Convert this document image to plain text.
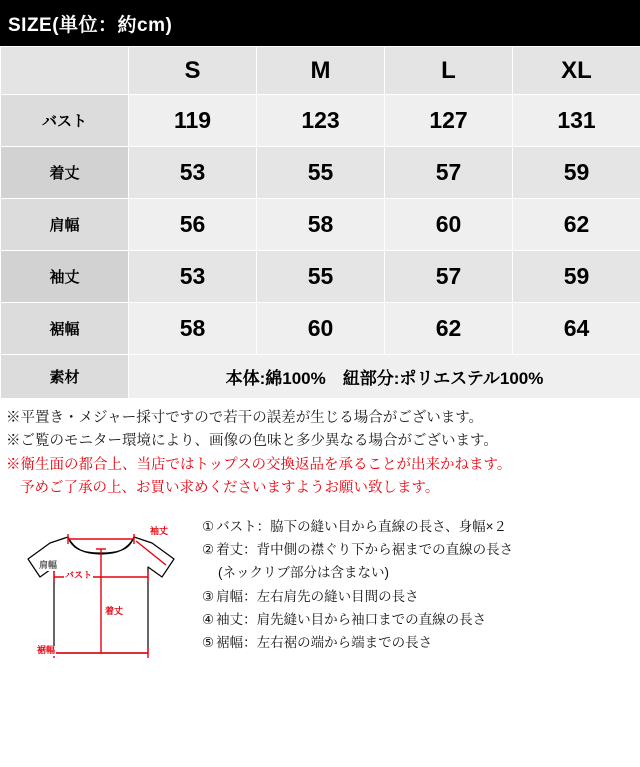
SIZE(単位：約cm)
	S	M	L	XL
バスト	119	123	127	131
着丈	53	55	57	59
肩幅	56	58	60	62
袖丈	53	55	57	59
裾幅	58	60	62	64
素材	本体:綿100%　紐部分:ポリエステル100%			
※平置き・メジャー採寸ですので若干の誤差が生じる場合がございます。
※ご覧のモニター環境により、画像の色味と多少異なる場合がございます。
※衛生面の都合上、当店ではトップスの交換返品を承ることが出来かねます。
予めご了承の上、お買い求めくださいますようお願い致します。
袖丈
肩幅
バスト
着丈
裾幅
① バスト：脇下の縫い目から直線の長さ、身幅×２
② 着丈：背中側の襟ぐり下から裾までの直線の長さ
(ネックリブ部分は含まない)
③ 肩幅：左右肩先の縫い目間の長さ
④ 袖丈：肩先縫い目から袖口までの直線の長さ
⑤ 裾幅：左右裾の端から端までの長さ
